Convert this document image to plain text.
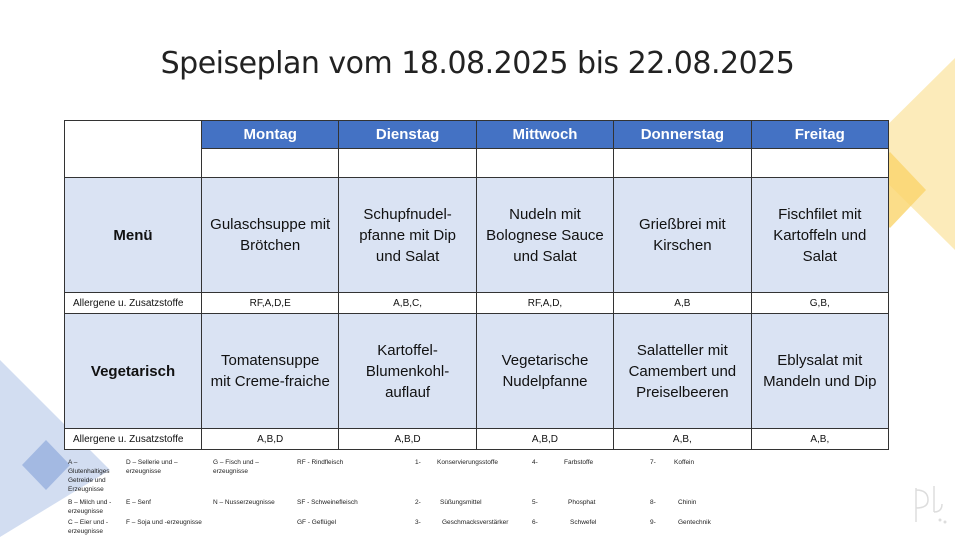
Speiseplan vom 18.08.2025 bis 22.08.2025
	Montag	Dienstag	Mittwoch	Donnerstag	Freitag

Menü	Gulaschsuppe mit Brötchen	Schupfnudel-pfanne mit Dip und Salat	Nudeln mit Bolognese Sauce und Salat	Grießbrei mit Kirschen	Fischfilet mit Kartoffeln und Salat

Allergene u. Zusatzstoffe	RF,A,D,E	A,B,C,	RF,A,D,	A,B	G,B,
Vegetarisch	Tomatensuppe mit Creme-fraiche	Kartoffel-Blumenkohl-auflauf	Vegetarische Nudelpfanne	Salatteller mit Camembert und Preiselbeeren	Eblysalat mit Mandeln und Dip

Allergene u. Zusatzstoffe	A,B,D	A,B,D	A,B,D	A,B,	A,B,
A – Glutenhaltiges Getreide und Erzeugnisse
B – Milch und -erzeugnisse
C – Eier und -erzeugnisse
D – Sellerie und – erzeugnisse
E – Senf
F – Soja und -erzeugnisse
G – Fisch und – erzeugnisse
N – Nusserzeugnisse
RF - Rindfleisch
SF - Schweinefleisch
GF - Geflügel
1- Konservierungsstoffe
2-	Süßungsmittel
3-	Geschmacksverstärker
4-	Farbstoffe
5-	Phosphat
6-	Schwefel
7-	Koffein
8-	Chinin
9-	Gentechnik
